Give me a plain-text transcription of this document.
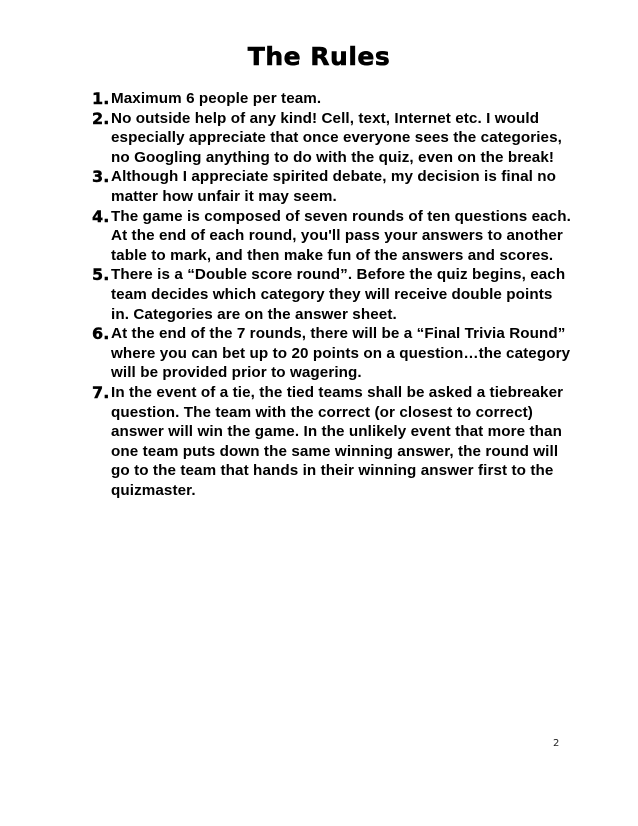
The Rules
1. Maximum 6 people per team.
2. No outside help of any kind! Cell, text, Internet etc. I would especially appreciate that once everyone sees the categories, no Googling anything to do with the quiz, even on the break!
3. Although I appreciate spirited debate, my decision is final no matter how unfair it may seem.
4. The game is composed of seven rounds of ten questions each. At the end of each round, you'll pass your answers to another table to mark, and then make fun of the answers and scores.
5. There is a “Double score round”. Before the quiz begins, each team decides which category they will receive double points in. Categories are on the answer sheet.
6. At the end of the 7 rounds, there will be a “Final Trivia Round” where you can bet up to 20 points on a question…the category will be provided prior to wagering.
7. In the event of a tie, the tied teams shall be asked a tiebreaker question. The team with the correct (or closest to correct) answer will win the game. In the unlikely event that more than one team puts down the same winning answer, the round will go to the team that hands in their winning answer first to the quizmaster.
2
